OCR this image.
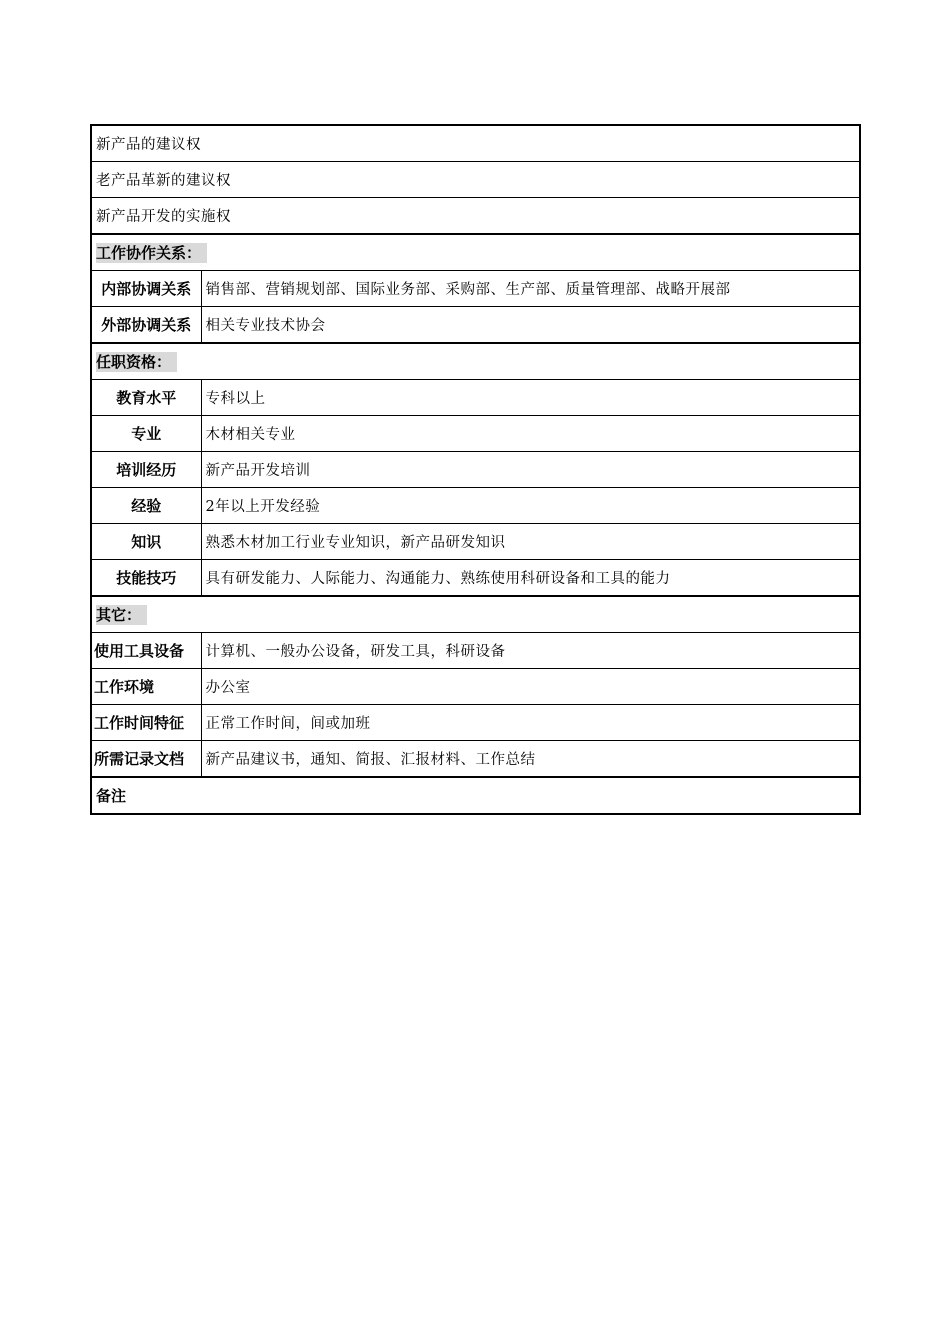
新产品的建议权	
老产品革新的建议权	
新产品开发的实施权	
工作协作关系：	
内部协调关系	销售部、营销规划部、国际业务部、采购部、生产部、质量管理部、战略开展部
外部协调关系	相关专业技术协会
任职资格：	
教育水平	专科以上
专业	木材相关专业
培训经历	新产品开发培训
经验	2年以上开发经验
知识	熟悉木材加工行业专业知识，新产品研发知识
技能技巧	具有研发能力、人际能力、沟通能力、熟练使用科研设备和工具的能力
其它：	
使用工具设备	计算机、一般办公设备，研发工具，科研设备
工作环境	办公室
工作时间特征	正常工作时间，间或加班
所需记录文档	新产品建议书，通知、简报、汇报材料、工作总结
备注	
